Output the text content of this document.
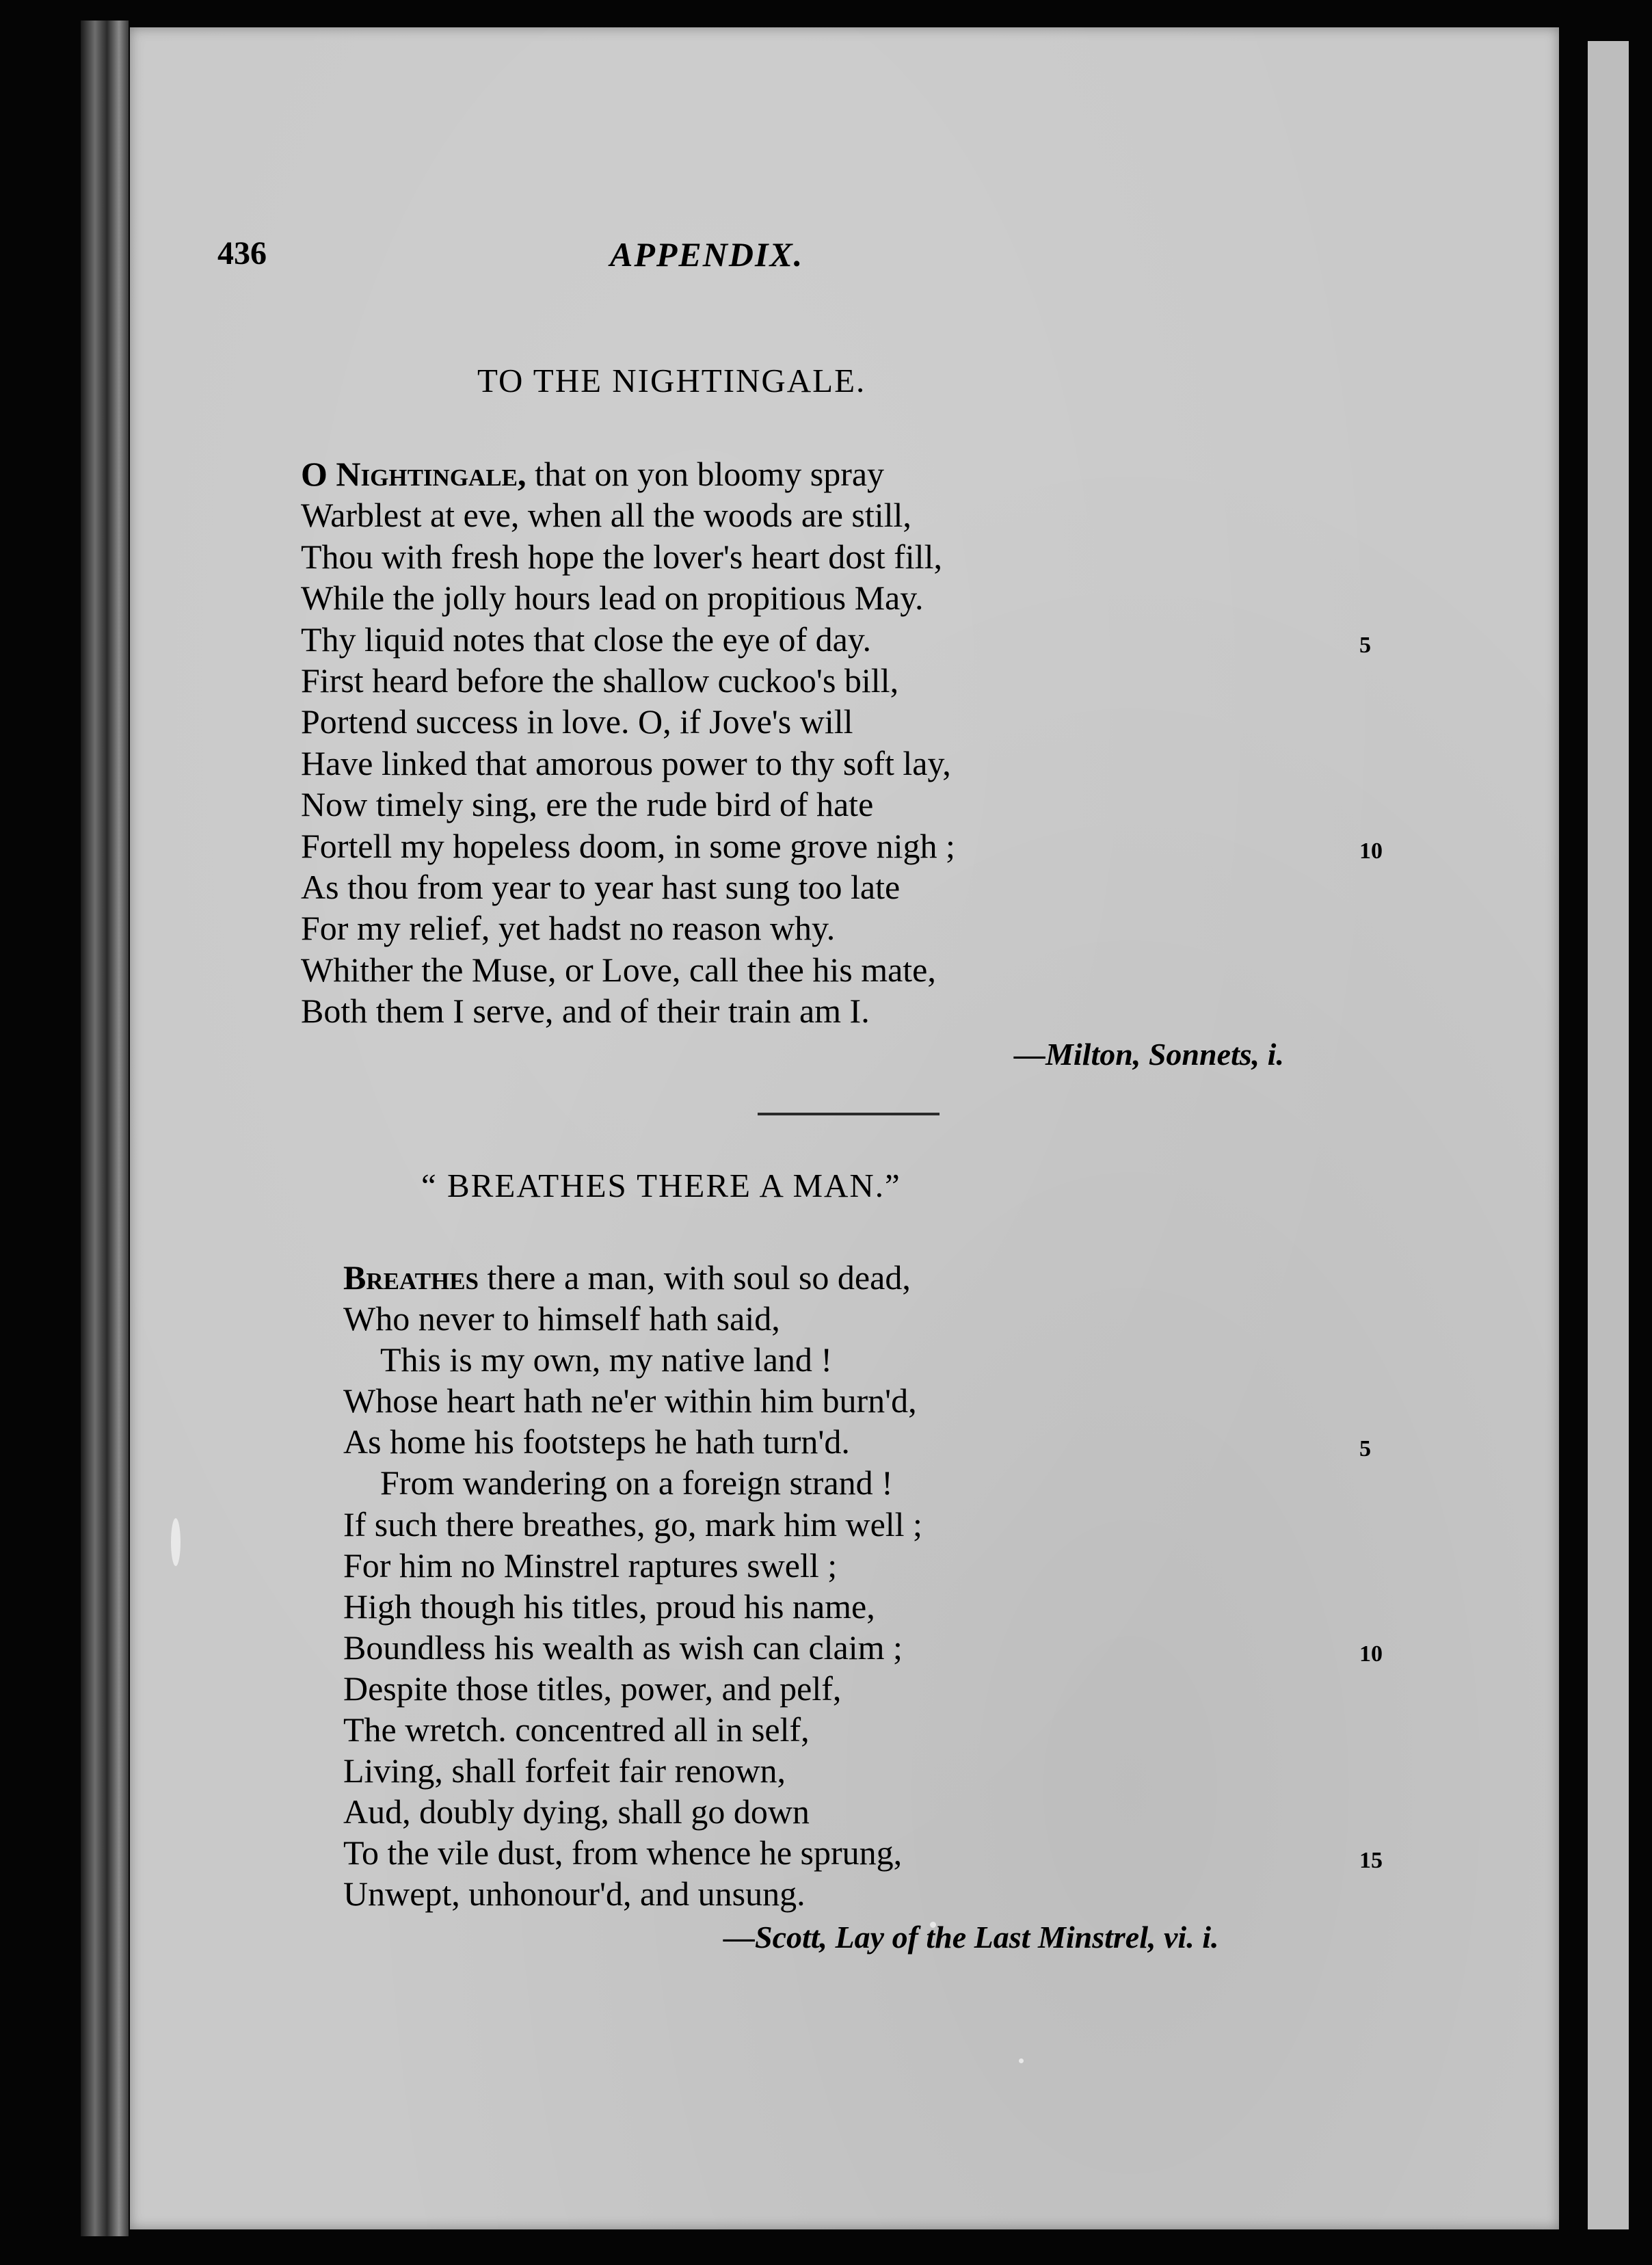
436	APPENDIX.
TO THE NIGHTINGALE.
O Nightingale, that on yon bloomy spray
Warblest at eve, when all the woods are still,
Thou with fresh hope the lover's heart dost fill,
While the jolly hours lead on propitious May.
Thy liquid notes that close the eye of day.
First heard before the shallow cuckoo's bill,
Portend success in love. O, if Jove's will
Have linked that amorous power to thy soft lay,
Now timely sing, ere the rude bird of hate
Fortell my hopeless doom, in some grove nigh ;
As thou from year to year hast sung too late
For my relief, yet hadst no reason why.
Whither the Muse, or Love, call thee his mate,
Both them I serve, and of their train am I.
5
10
—Milton, Sonnets, i.
“ BREATHES THERE A MAN.”
Breathes there a man, with soul so dead,
Who never to himself hath said,
This is my own, my native land !
Whose heart hath ne'er within him burn'd,
As home his footsteps he hath turn'd.
From wandering on a foreign strand !
If such there breathes, go, mark him well ;
For him no Minstrel raptures swell ;
High though his titles, proud his name,
Boundless his wealth as wish can claim ;
Despite those titles, power, and pelf,
The wretch. concentred all in self,
Living, shall forfeit fair renown,
Aud, doubly dying, shall go down
To the vile dust, from whence he sprung,
Unwept, unhonour'd, and unsung.
5
10
15
—Scott, Lay of the Last Minstrel, vi. i.
